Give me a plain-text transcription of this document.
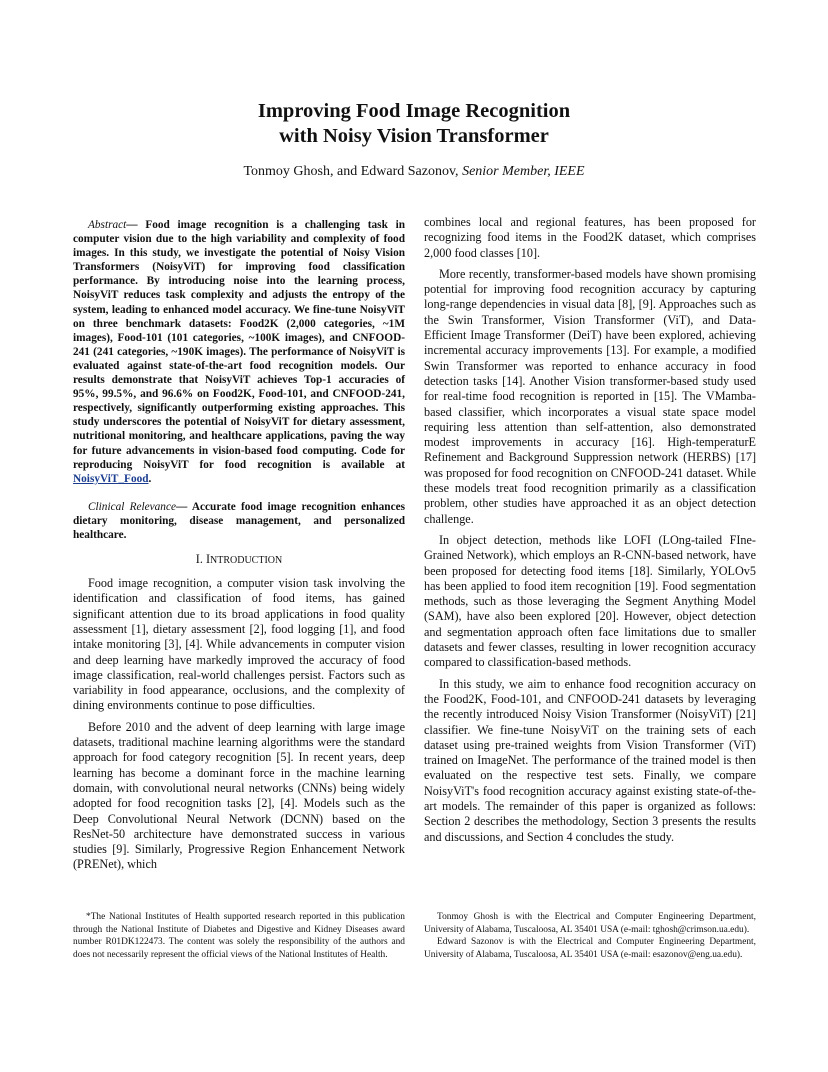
Improving Food Image Recognition
with Noisy Vision Transformer
Tonmoy Ghosh, and Edward Sazonov, Senior Member, IEEE

Abstract— Food image recognition is a challenging task in computer vision due to the high variability and complexity of food images. In this study, we investigate the potential of Noisy Vision Transformers (NoisyViT) for improving food classification performance. By introducing noise into the learning process, NoisyViT reduces task complexity and adjusts the entropy of the system, leading to enhanced model accuracy. We fine-tune NoisyViT on three benchmark datasets: Food2K (2,000 categories, ~1M images), Food-101 (101 categories, ~100K images), and CNFOOD-241 (241 categories, ~190K images). The performance of NoisyViT is evaluated against state-of-the-art food recognition models. Our results demonstrate that NoisyViT achieves Top-1 accuracies of 95%, 99.5%, and 96.6% on Food2K, Food-101, and CNFOOD-241, respectively, significantly outperforming existing approaches. This study underscores the potential of NoisyViT for dietary assessment, nutritional monitoring, and healthcare applications, paving the way for future advancements in vision-based food computing. Code for reproducing NoisyViT for food recognition is available at NoisyViT_Food.

Clinical Relevance— Accurate food image recognition enhances dietary monitoring, disease management, and personalized healthcare.

I. INTRODUCTION

Food image recognition, a computer vision task involving the identification and classification of food items, has gained significant attention due to its broad applications in food quality assessment [1], dietary assessment [2], food logging [1], and food intake monitoring [3], [4]. While advancements in computer vision and deep learning have markedly improved the accuracy of food image classification, real-world challenges persist. Factors such as variability in food appearance, occlusions, and the complexity of dining environments continue to pose difficulties.

Before 2010 and the advent of deep learning with large image datasets, traditional machine learning algorithms were the standard approach for food category recognition [5]. In recent years, deep learning has become a dominant force in the machine learning domain, with convolutional neural networks (CNNs) being widely adopted for food recognition tasks [2], [4]. Models such as the Deep Convolutional Neural Network (DCNN) based on the ResNet-50 architecture have demonstrated success in various studies [9]. Similarly, Progressive Region Enhancement Network (PRENet), which

combines local and regional features, has been proposed for recognizing food items in the Food2K dataset, which comprises 2,000 food classes [10].

More recently, transformer-based models have shown promising potential for improving food recognition accuracy by capturing long-range dependencies in visual data [8], [9]. Approaches such as the Swin Transformer, Vision Transformer (ViT), and Data-Efficient Image Transformer (DeiT) have been explored, achieving incremental accuracy improvements [13]. For example, a modified Swin Transformer was reported to enhance accuracy in food detection tasks [14]. Another Vision transformer-based study used for real-time food recognition is reported in [15]. The VMamba-based classifier, which incorporates a visual state space model requiring less attention than self-attention, also demonstrated modest improvements in accuracy [16]. High-temperaturE Refinement and Background Suppression network (HERBS) [17] was proposed for food recognition on CNFOOD-241 dataset. While these models treat food recognition primarily as a classification problem, other studies have approached it as an object detection challenge.

In object detection, methods like LOFI (LOng-tailed FIne-Grained Network), which employs an R-CNN-based network, have been proposed for detecting food items [18]. Similarly, YOLOv5 has been applied to food item recognition [19]. Food segmentation methods, such as those leveraging the Segment Anything Model (SAM), have also been explored [20]. However, object detection and segmentation approach often face limitations due to smaller datasets and fewer classes, resulting in lower recognition accuracy compared to classification-based methods.

In this study, we aim to enhance food recognition accuracy on the Food2K, Food-101, and CNFOOD-241 datasets by leveraging the recently introduced Noisy Vision Transformer (NoisyViT) [21] classifier. We fine-tune NoisyViT on the training sets of each dataset using pre-trained weights from Vision Transformer (ViT) trained on ImageNet. The performance of the trained model is then evaluated on the respective test sets. Finally, we compare NoisyViT's food recognition accuracy against existing state-of-the-art models. The remainder of this paper is organized as follows: Section 2 describes the methodology, Section 3 presents the results and discussions, and Section 4 concludes the study.

*The National Institutes of Health supported research reported in this publication through the National Institute of Diabetes and Digestive and Kidney Diseases award number R01DK122473. The content was solely the responsibility of the authors and does not necessarily represent the official views of the National Institutes of Health.

Tonmoy Ghosh is with the Electrical and Computer Engineering Department, University of Alabama, Tuscaloosa, AL 35401 USA (e-mail: tghosh@crimson.ua.edu).

Edward Sazonov is with the Electrical and Computer Engineering Department, University of Alabama, Tuscaloosa, AL 35401 USA (e-mail: esazonov@eng.ua.edu).
